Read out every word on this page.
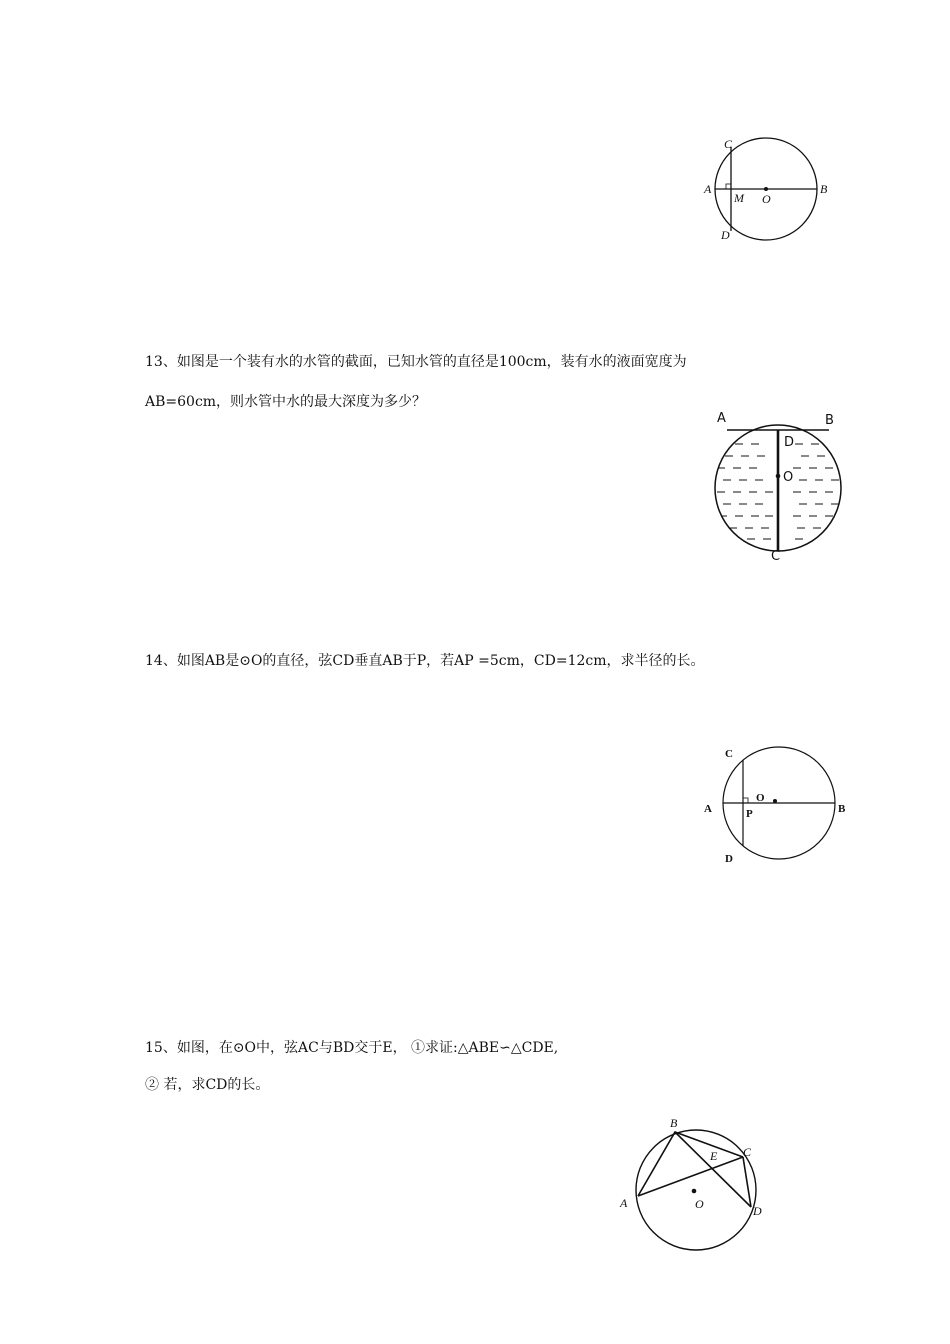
C
A
M O
B
D
13、如图是一个装有水的水管的截面，已知水管的直径是100cm，装有水的液面宽度为
AB=60cm，则水管中水的最大深度为多少？
A	B
D
O
C
14、如图AB是⊙O的直径，弦CD垂直AB于P，若AP =5cm，CD=12cm，求半径的长。
C
A
O
P	B
D
15、如图，在⊙O中，弦AC与BD交于E， ①求证:△ABE∽△CDE,
② 若，求CD的长。
B
E C
A	O	D
